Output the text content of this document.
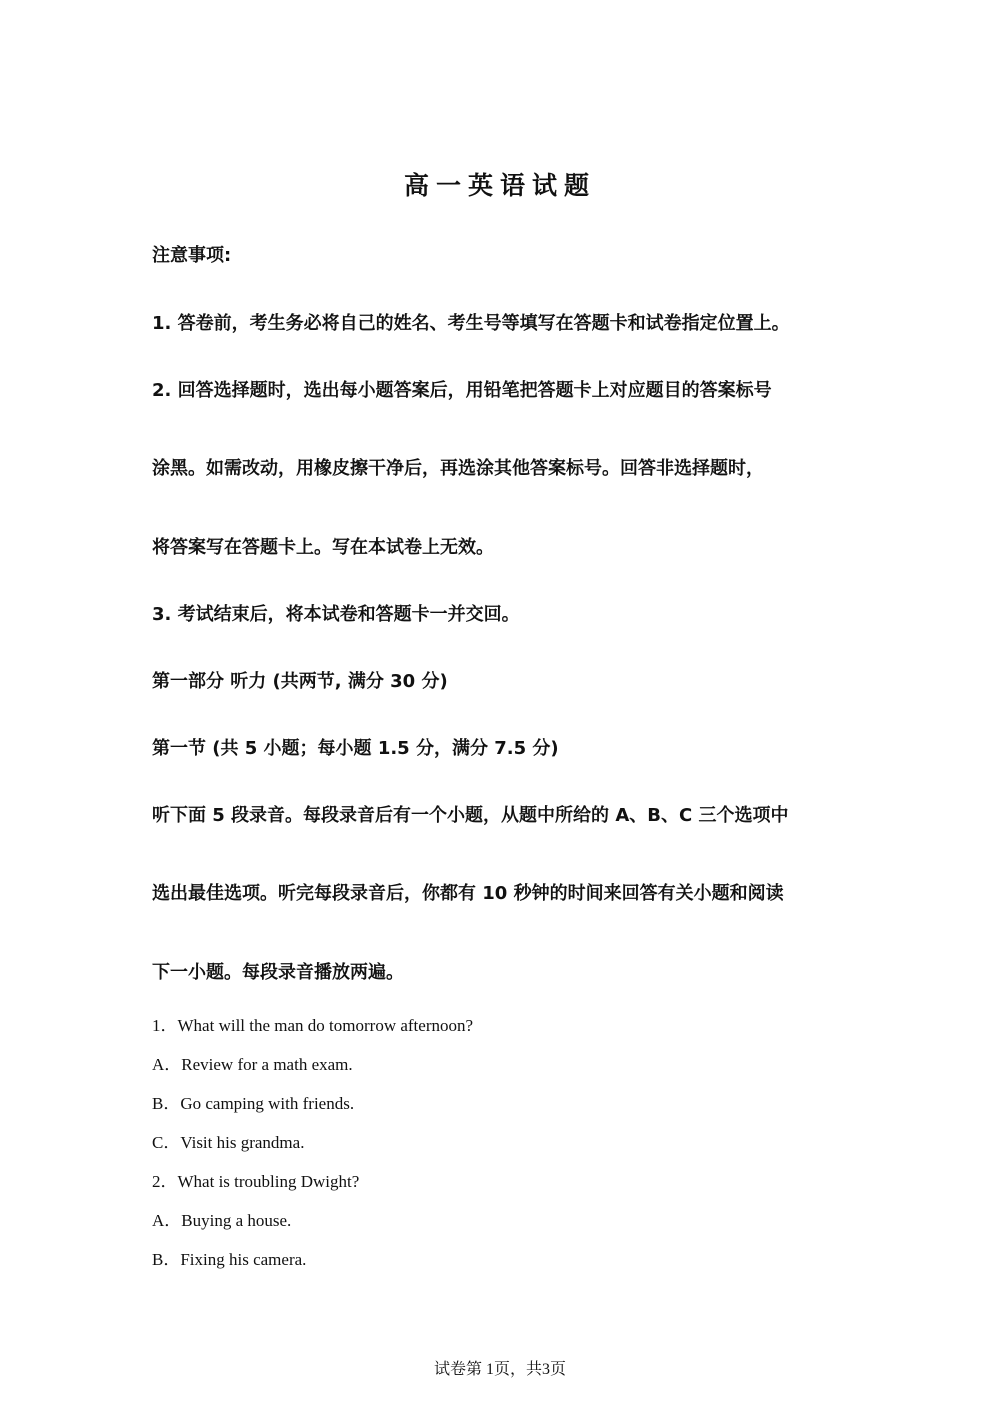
高一英语试题
注意事项:
1. 答卷前，考生务必将自己的姓名、考生号等填写在答题卡和试卷指定位置上。
2. 回答选择题时，选出每小题答案后，用铅笔把答题卡上对应题目的答案标号
涂黑。如需改动，用橡皮擦干净后，再选涂其他答案标号。回答非选择题时，
将答案写在答题卡上。写在本试卷上无效。
3. 考试结束后，将本试卷和答题卡一并交回。
第一部分 听力 (共两节, 满分 30 分)
第一节 (共 5 小题；每小题 1.5 分，满分 7.5 分)
听下面 5 段录音。每段录音后有一个小题，从题中所给的 A、B、C 三个选项中
选出最佳选项。听完每段录音后，你都有 10 秒钟的时间来回答有关小题和阅读
下一小题。每段录音播放两遍。
1．What will the man do tomorrow afternoon?
A．Review for a math exam.
B．Go camping with friends.
C．Visit his grandma.
2．What is troubling Dwight?
A．Buying a house.
B．Fixing his camera.
试卷第 1页，共3页
